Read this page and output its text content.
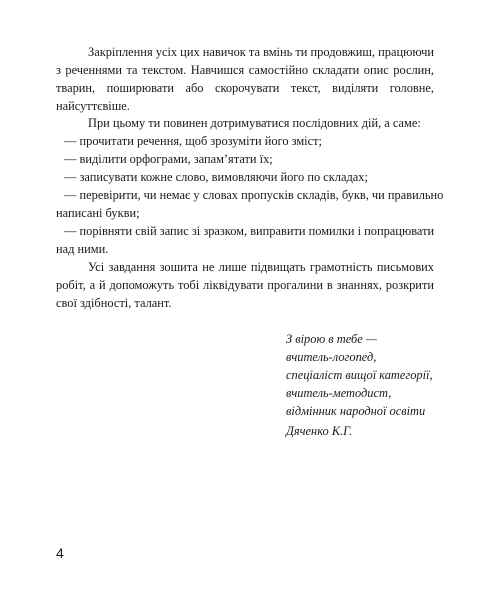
Закріплення усіх цих навичок та вмінь ти продовжиш, працюючи
з реченнями та текстом. Навчишся самостійно складати опис рослин,
тварин, поширювати або скорочувати текст, виділяти головне,
найсуттєвіше.
При цьому ти повинен дотримуватися послідовних дій, а саме:
— прочитати речення, щоб зрозуміти його зміст;
— виділити орфограми, запам’ятати їх;
— записувати кожне слово, вимовляючи його по складах;
— перевірити, чи немає у словах пропусків складів, букв, чи правильно
написані букви;
— порівняти свій запис зі зразком, виправити помилки і попрацювати
над ними.
Усі завдання зошита не лише підвищать грамотність письмових
робіт, а й допоможуть тобі ліквідувати прогалини в знаннях, розкрити
свої здібності, талант.
З вірою в тебе —
вчитель-логопед,
спеціаліст вищої категорії,
вчитель-методист,
відмінник народної освіти
Дяченко К.Г.
4
